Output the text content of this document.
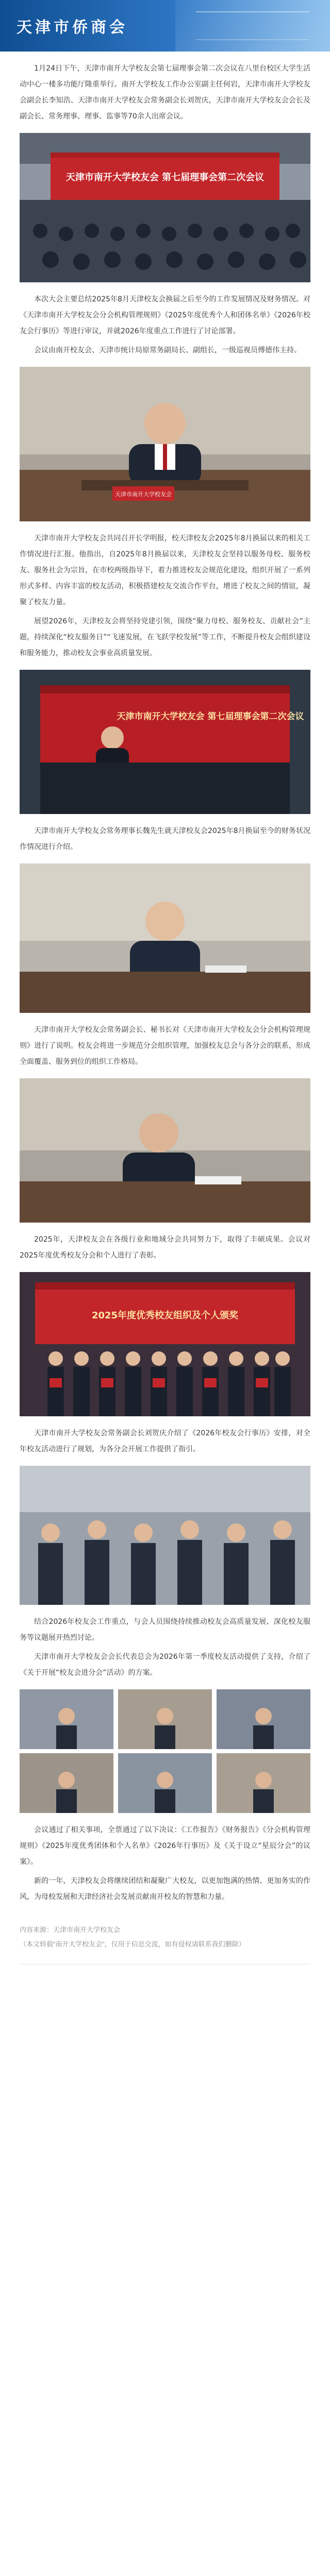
天津市侨商会

1月24日下午，天津市南开大学校友会第七届理事会第二次会议在八里台校区大学生活动中心一楼多功能厅隆重举行。南开大学校友工作办公室副主任何岩，天津市南开大学校友会副会长李知浩、天津市南开大学校友会常务副会长刘贺庆，天津市南开大学校友会会长及副会长、常务理事、理事、监事等70余人出席会议。

天津市南开大学校友会 第七届理事会第二次会议

本次大会主要总结2025年8月天津校友会换届之后至今的工作发展情况及财务情况。对《天津市南开大学校友会分会机构管理规则》《2025年度优秀个人和团体名单》《2026年校友会行事历》等进行审议，并就2026年度重点工作进行了讨论部署。

会议由南开校友会、天津市统计局原常务副局长、副组长，一级巡视员傅德伟主持。

天津市南开大学校友会

天津市南开大学校友会共同召开长学明报，校天津校友会2025年8月换届以来的相关工作情况进行汇报。他指出，自2025年8月换届以来，天津校友会坚持以服务母校、服务校友、服务社会为宗旨，在市校两级指导下，着力推进校友会规范化建设，组织开展了一系列形式多样、内容丰富的校友活动，积极搭建校友交流合作平台，增进了校友之间的情谊，凝聚了校友力量。

展望2026年，天津校友会将坚持党建引领，围绕“聚力母校、服务校友、贡献社会”主题，持续深化“校友服务日”“飞速发展，在飞跃学校发展”等工作，不断提升校友会组织建设和服务能力，推动校友会事业高质量发展。

天津市南开大学校友会 第七届理事会第二次会议

天津市南开大学校友会常务理事长魏先生就天津校友会2025年8月换届至今的财务状况作情况进行介绍。

天津市南开大学校友会常务副会长、秘书长对《天津市南开大学校友会分会机构管理规则》进行了说明。校友会将进一步规范分会组织管理，加强校友总会与各分会的联系，形成全面覆盖、服务到位的组织工作格局。

2025年，天津校友会在各级行业和地域分会共同努力下，取得了丰硕成果。会议对2025年度优秀校友分会和个人进行了表彰。

2025年度优秀校友组织及个人颁奖

天津市南开大学校友会常务副会长刘贺庆介绍了《2026年校友会行事历》安排，对全年校友活动进行了规划，为各分会开展工作提供了指引。

结合2026年校友会工作重点，与会人员围绕持续推动校友会高质量发展、深化校友服务等议题展开热烈讨论。

天津市南开大学校友会会长代表总会为2026年第一季度校友活动提供了支持，介绍了《关于开展“校友会进分会”活动》的方案。

会议通过了相关事项，全票通过了以下决议：《工作报告》《财务报告》《分会机构管理规则》《2025年度优秀团体和个人名单》《2026年行事历》及《关于设立“星辰分会”的议案》。

新的一年，天津校友会将继续团结和凝聚广大校友，以更加饱满的热情、更加务实的作风，为母校发展和天津经济社会发展贡献南开校友的智慧和力量。

内容来源：天津市南开大学校友会
（本文转载“南开大学校友会”，仅用于信息交流，如有侵权请联系我们删除）
